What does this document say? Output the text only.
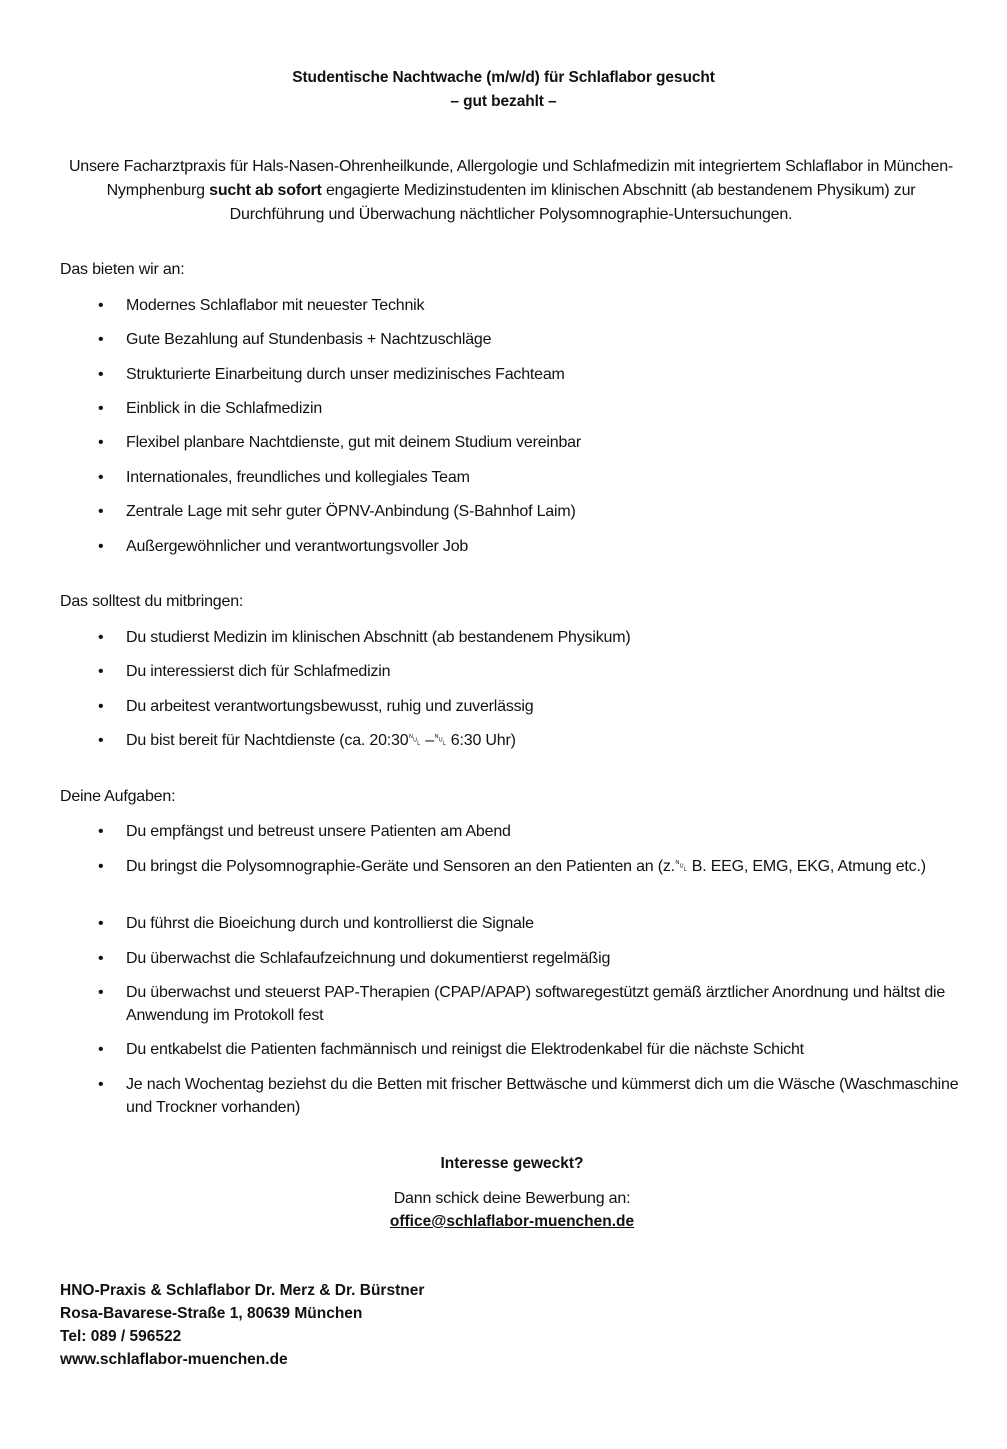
Studentische Nachtwache (m/w/d) für Schlaflabor gesucht
– gut bezahlt –
Unsere Facharztpraxis für Hals-Nasen-Ohrenheilkunde, Allergologie und Schlafmedizin mit integriertem Schlaflabor in München-Nymphenburg sucht ab sofort engagierte Medizinstudenten im klinischen Abschnitt (ab bestandenem Physikum) zur Durchführung und Überwachung nächtlicher Polysomnographie-Untersuchungen.
Das bieten wir an:
• Modernes Schlaflabor mit neuester Technik
• Gute Bezahlung auf Stundenbasis + Nachtzuschläge
• Strukturierte Einarbeitung durch unser medizinisches Fachteam
• Einblick in die Schlafmedizin
• Flexibel planbare Nachtdienste, gut mit deinem Studium vereinbar
• Internationales, freundliches und kollegiales Team
• Zentrale Lage mit sehr guter ÖPNV-Anbindung (S-Bahnhof Laim)
• Außergewöhnlicher und verantwortungsvoller Job
Das solltest du mitbringen:
• Du studierst Medizin im klinischen Abschnitt (ab bestandenem Physikum)
• Du interessierst dich für Schlafmedizin
• Du arbeitest verantwortungsbewusst, ruhig und zuverlässig
• Du bist bereit für Nachtdienste (ca. 20:30␀ –␀ 6:30 Uhr)
Deine Aufgaben:
• Du empfängst und betreust unsere Patienten am Abend
• Du bringst die Polysomnographie-Geräte und Sensoren an den Patienten an (z.␀ B. EEG, EMG, EKG, Atmung etc.)
• Du führst die Bioeichung durch und kontrollierst die Signale
• Du überwachst die Schlafaufzeichnung und dokumentierst regelmäßig
• Du überwachst und steuerst PAP-Therapien (CPAP/APAP) softwaregestützt gemäß ärztlicher Anordnung und hältst die Anwendung im Protokoll fest
• Du entkabelst die Patienten fachmännisch und reinigst die Elektrodenkabel für die nächste Schicht
• Je nach Wochentag beziehst du die Betten mit frischer Bettwäsche und kümmerst dich um die Wäsche (Waschmaschine und Trockner vorhanden)
Interesse geweckt?
Dann schick deine Bewerbung an:
office@schlaflabor-muenchen.de
HNO-Praxis & Schlaflabor Dr. Merz & Dr. Bürstner
Rosa-Bavarese-Straße 1, 80639 München
Tel: 089 / 596522
www.schlaflabor-muenchen.de
